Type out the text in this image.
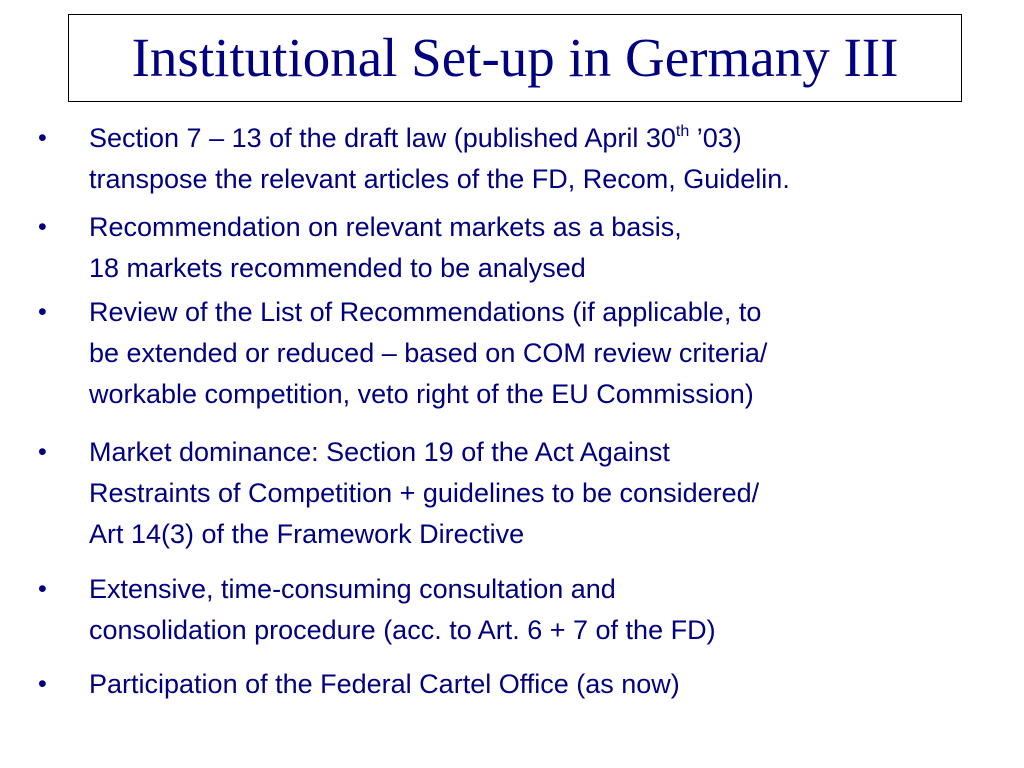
Institutional Set-up in Germany III
• Section 7 – 13 of the draft law (published April 30th ’03)
transpose the relevant articles of the FD, Recom, Guidelin.
• Recommendation on relevant markets as a basis,
18 markets recommended to be analysed
• Review of the List of Recommendations (if applicable, to
be extended or reduced – based on COM review criteria/
workable competition, veto right of the EU Commission)
• Market dominance: Section 19 of the Act Against
Restraints of Competition + guidelines to be considered/
Art 14(3) of the Framework Directive
• Extensive, time-consuming consultation and
consolidation procedure (acc. to Art. 6 + 7 of the FD)
• Participation of the Federal Cartel Office (as now)
